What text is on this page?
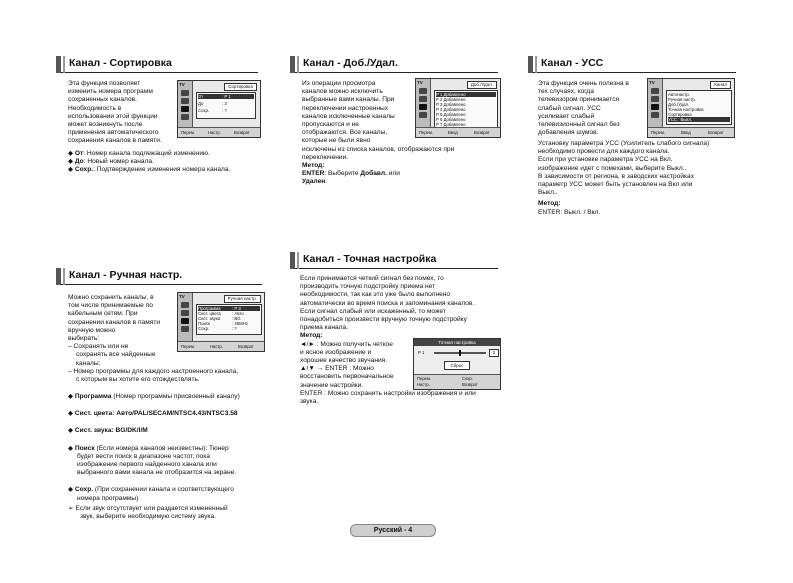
Канал - Сортировка
Эта функция позволяет
изменить номера программ
сохраненных каналов.
Необходимость в
использовании этой функции
может возникнуть после
применения автоматического
сохранения каналов в памяти.
TV	Сортировка
От	: P 1
До	: 3
Сохр.	: ?
Перем.	Настр.	Возврат
◆ От: Номер канала подлежащий изменению.
◆ До: Новый номер канала.
◆ Сохр.: Подтверждение изменения номера канала.
Канал - Доб./Удал.
Из операции просмотра
каналов можно исключить
выбранные вами каналы. При
переключении настроенных
каналов исключенные каналы
пропускаются и не
отображаются. Все каналы,
которые не были явно
исключены из списка каналов, отображаются при
переключении.
Метод:
ENTER: Выберите Добавл. или
Удален.
TV	Доб./Удал.
P 1 Добавлено
P 2 Добавлено
P 3 Добавлено
P 4 Добавлено
P 5 Добавлено
P 6 Добавлено
P 7 Добавлено
Перем.	Ввод	Возврат
Канал - УСС
Эта функция очень полезна в
тех случаях, когда
телевизором принимается
слабый сигнал. УСС
усиливает слабый
телевизионный сигнал без
добавления шумов.
Установку параметра УСС (Усилитель слабого сигнала)
необходимо провести для каждого канала.
Если при установке параметра УСС на Вкл.
изображение идет с помехами, выберите Выкл..
В зависимости от региона, в заводских настройках
параметр УСС может быть установлен на Вкл или
Выкл..
Метод:
ENTER: Выкл. / Вкл.
TV	Канал
Автонастр.
Ручная настр.
Доб./Удал.
Точная настройка
Сортировка
УСС : Выкл.
Перем.	Ввод	Возврат
Канал - Ручная настр.
Можно сохранить каналы, в
том числе принимаемые по
кабельным сетям. При
сохранении каналов в памяти
вручную можно
выбирать:
– Сохранять или не
сохранять все найденные
каналы;
– Номер программы для каждого настроенного канала,
с которым вы хотите его отождествлять.
TV	Ручная настр.
Программа	: P 3
Сист. цвета	: Авто
Сист. звука	: BG
Поиск	: 45MHz
Сохр.	: ?
Перем.	Настр.	Возврат
◆ Программа (Номер программы присвоенный каналу)
◆ Сист. цвета: Авто/PAL/SECAM/NTSC4.43/NTSC3.58
◆ Сист. звука: BG/DK/I/M
◆ Поиск (Если номера каналов неизвестны): Тюнер
будет вести поиск в диапазоне частот, пока
изображение первого найденного канала или
выбранного вами канала не отобразится на экране.
◆ Сохр. (При сохранении канала и соответствующего
номера программы)
➢ Если звук отсутствует или раздается измененный
звук, выберите необходимую систему звука.
Канал - Точная настройка
Если принимается четкий сигнал без помех, то
производить точную подстройку приема нет
необходимости, так как это уже было выполнено
автоматически во время поиска и запоминания каналов.
Если сигнал слабый или искаженный, то может
понадобиться произвести вручную точную подстройку
приема канала.
Метод:
◄/► : Можно получить четкое
и ясное изображение и
хорошее качество звучания.
▲/▼ → ENTER : Можно
восстановить первоначальное
значение настройки.
ENTER : Можно сохранить настройки изображения и или
звука.
Точная настройка
P 1	0
Сброс
Перем.
Настр.
Сохр.
Возврат
Русский - 4
